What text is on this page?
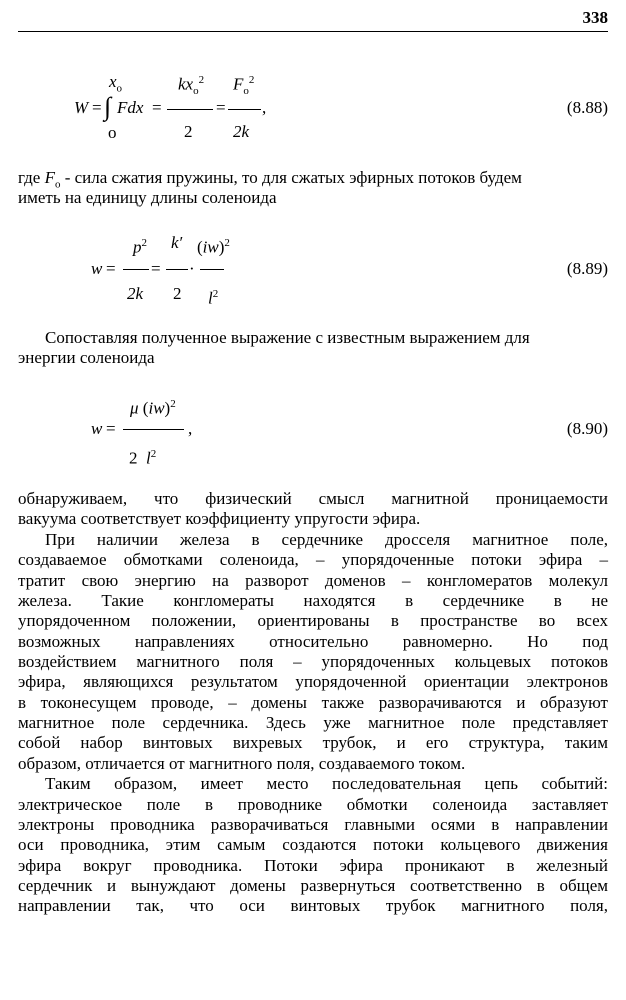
338
$x_o$
o
W = ∫ Fdx =
$kx_o^2$
2
=
$F_o^2$
2k
,	(8.88)

где $F_o$ - сила сжатия пружины, то для сжатых эфирных потоков будем

иметь на единицу длины соленоида

w =
$p^2$
2k
=
k′
2
·
(iw)$^2$
$l^2$
(8.89)

Сопоставляя полученное выражение с известным выражением для

энергии соленоида

w =
μ (iw)$^2$
2 $l^2$
,	(8.90)

обнаруживаем, что физический смысл магнитной проницаемости

вакуума соответствует коэффициенту упругости эфира.

При наличии железа в сердечнике дросселя магнитное поле,

создаваемое обмотками соленоида, – упорядоченные потоки эфира –

тратит свою энергию на разворот доменов – конгломератов молекул

железа. Такие конгломераты находятся в сердечнике в не

упорядоченном положении, ориентированы в пространстве во всех

возможных направлениях относительно равномерно. Но под

воздействием магнитного поля – упорядоченных кольцевых потоков

эфира, являющихся результатом упорядоченной ориентации электронов

в токонесущем проводе, – домены также разворачиваются и образуют

магнитное поле сердечника. Здесь уже магнитное поле представляет

собой набор винтовых вихревых трубок, и его структура, таким

образом, отличается от магнитного поля, создаваемого током.

Таким образом, имеет место последовательная цепь событий:

электрическое поле в проводнике обмотки соленоида заставляет

электроны проводника разворачиваться главными осями в направлении

оси проводника, этим самым создаются потоки кольцевого движения

эфира вокруг проводника. Потоки эфира проникают в железный

сердечник и вынуждают домены развернуться соответственно в общем

направлении так, что оси винтовых трубок магнитного поля,
